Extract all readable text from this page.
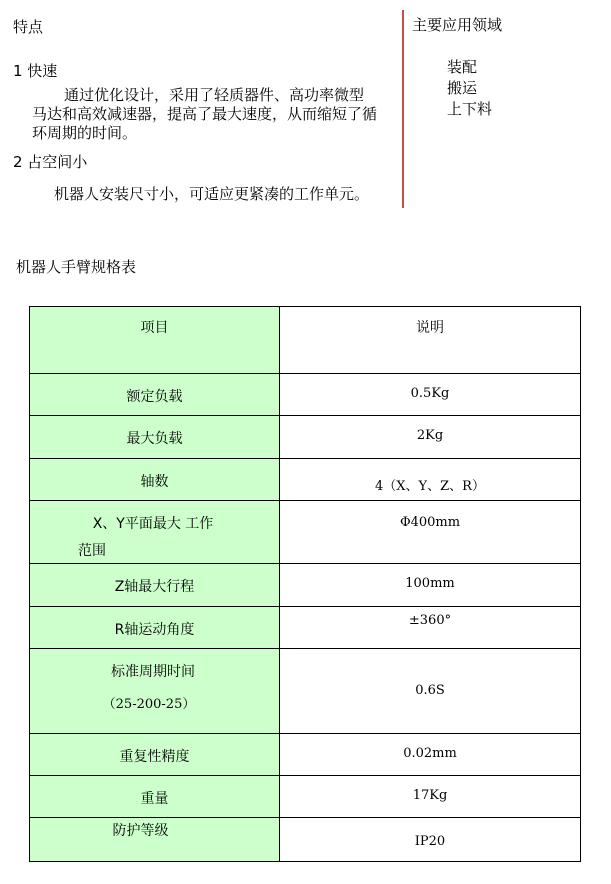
特点
1 快速
通过优化设计，采用了轻质器件、高功率微型马达和高效减速器，提高了最大速度，从而缩短了循环周期的时间。
2 占空间小
机器人安装尺寸小，可适应更紧凑的工作单元。
主要应用领域
装配
搬运
上下料
机器人手臂规格表
项目	说明

额定负载	0.5Kg

最大负载	2Kg

轴数	4（X、Y、Z、R）

X、Y平面最大 工作
范围	Φ400mm

Z轴最大行程	100mm

R轴运动角度	±360°

标准周期时间
（25-200-25）	0.6S

重复性精度	0.02mm

重量	17Kg

防护等级	IP20
